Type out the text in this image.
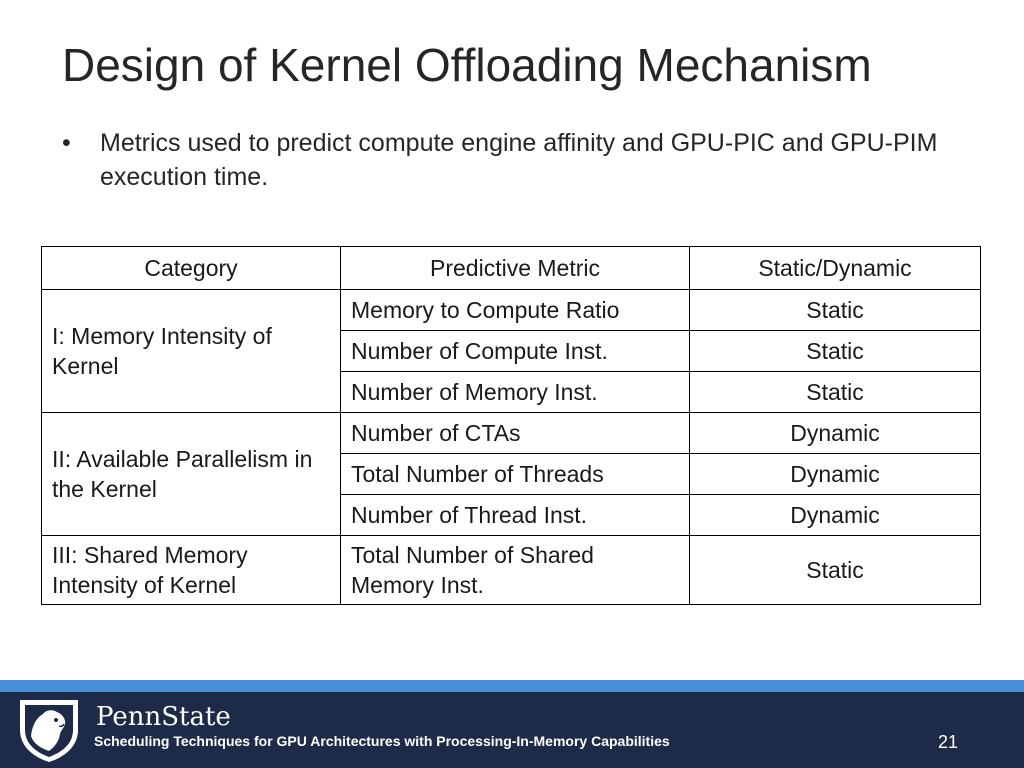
Design of Kernel Offloading Mechanism
•	Metrics used to predict compute engine affinity and GPU-PIC and GPU-PIM execution time.
Category	Predictive Metric	Static/Dynamic
I: Memory Intensity of Kernel	Memory to Compute Ratio	Static
	Number of Compute Inst.	Static
	Number of Memory Inst.	Static
II: Available Parallelism in the Kernel	Number of CTAs	Dynamic
	Total Number of Threads	Dynamic
	Number of Thread Inst.	Dynamic
III: Shared Memory Intensity of Kernel	Total Number of Shared Memory Inst.	Static
PennState
Scheduling Techniques for GPU Architectures with Processing-In-Memory Capabilities	21
